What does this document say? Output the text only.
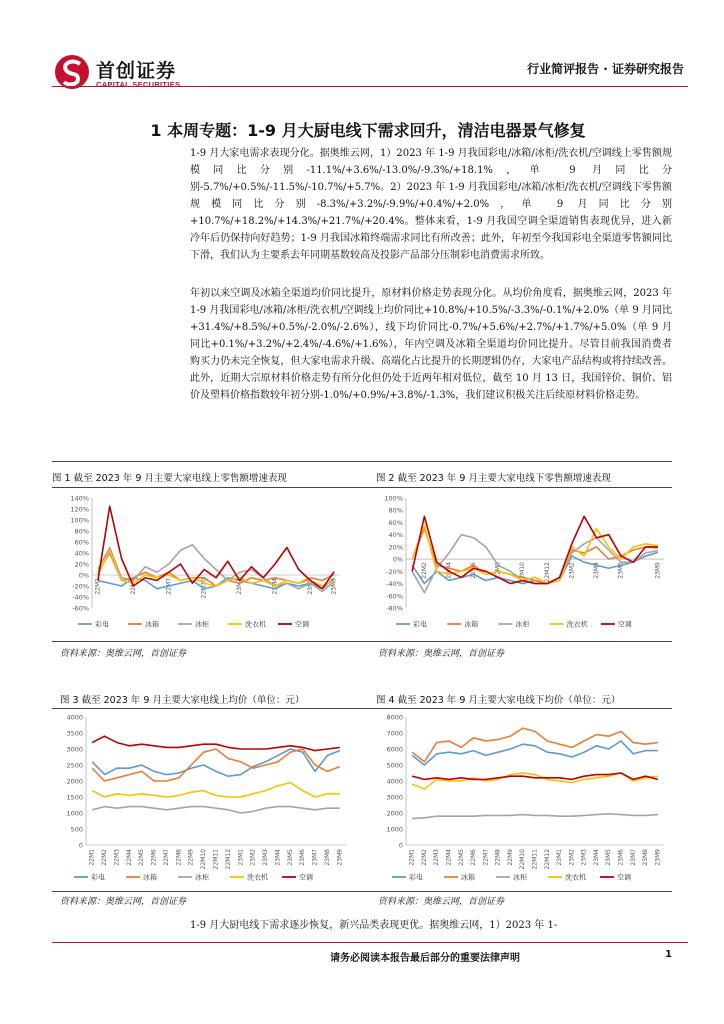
首创证券
CAPITAL SECURITIES
行业简评报告 · 证券研究报告
1 本周专题：1-9 月大厨电线下需求回升，清洁电器景气修复
1-9 月大家电需求表现分化。据奥维云网，1）2023 年 1-9 月我国彩电/冰箱/冰柜/洗衣机/空调线上零售额规模同比分别-11.1%/+3.6%/-13.0%/-9.3%/+18.1%，单 9 月同比分别-5.7%/+0.5%/-11.5%/-10.7%/+5.7%。2）2023 年 1-9 月我国彩电/冰箱/冰柜/洗衣机/空调线下零售额规模同比分别-8.3%/+3.2%/-9.9%/+0.4%/+2.0%，单 9 月同比分别+10.7%/+18.2%/+14.3%/+21.7%/+20.4%。整体来看，1-9 月我国空调全渠道销售表现优异，进入新冷年后仍保持向好趋势；1-9 月我国冰箱终端需求同比有所改善；此外，年初至今我国彩电全渠道零售额同比下滑，我们认为主要系去年同期基数较高及投影产品部分压制彩电消费需求所致。
年初以来空调及冰箱全渠道均价同比提升，原材料价格走势表现分化。从均价角度看，据奥维云网，2023 年 1-9 月我国彩电/冰箱/冰柜/洗衣机/空调线上均价同比+10.8%/+10.5%/-3.3%/-0.1%/+2.0%（单 9 月同比+31.4%/+8.5%/+0.5%/-2.0%/-2.6%），线下均价同比-0.7%/+5.6%/+2.7%/+1.7%/+5.0%（单 9 月同比+0.1%/+3.2%/+2.4%/-4.6%/+1.6%），年内空调及冰箱全渠道均价同比提升。尽管目前我国消费者购买力仍未完全恢复，但大家电需求升级、高端化占比提升的长期逻辑仍存，大家电产品结构或将持续改善。此外，近期大宗原材料价格走势有所分化但仍处于近两年相对低位，截至 10 月 13 日，我国锌价、铜价、铝价及塑料价格指数较年初分别-1.0%/+0.9%/+3.8%/-1.3%，我们建议积极关注后续原材料价格走势。
图 1 截至 2023 年 9 月主要大家电线上零售额增速表现
140%
120%
100%
80%
60%
40%
20%
0%
-20%
-40%
-60%
22M1	22M4	22M7	22M10	23M1	23M4	23M7	23M9
彩电	冰箱	冰柜	洗衣机	空调
资料来源：奥维云网，首创证券
图 2 截至 2023 年 9 月主要大家电线下零售额增速表现
100%
80%
60%
40%
20%
0%
-20%
-40%
-60%
-80%
22M2	22M4	22M6	22M8	22M10	22M12	23M2	23M4	23M6	23M9
彩电	冰箱	冰柜	洗衣机	空调
资料来源：奥维云网，首创证券
图 3 截至 2023 年 9 月主要大家电线上均价（单位：元）
4000
3500
3000
2500
2000
1500
1000
500
0
22M1 22M2 22M3 22M4 22M5 22M6 22M7 22M8 22M9 22M10 22M11 22M12 23M1 23M2 23M3 23M4 23M5 23M6 23M7 23M8 23M9
彩电	冰箱	冰柜	洗衣机	空调
资料来源：奥维云网，首创证券
图 4 截至 2023 年 9 月主要大家电线下均价（单位：元）
8000
7000
6000
5000
4000
3000
2000
1000
0
22M1 22M2 22M3 22M4 22M5 22M6 22M7 22M8 22M9 22M10 22M11 22M12 23M1 23M2 23M3 23M4 23M5 23M6 23M7 23M8 23M9
彩电	冰箱	冰柜	洗衣机	空调
资料来源：奥维云网，首创证券
1-9 月大厨电线下需求逐步恢复，新兴品类表现更优。据奥维云网，1）2023 年 1-
请务必阅读本报告最后部分的重要法律声明	1
